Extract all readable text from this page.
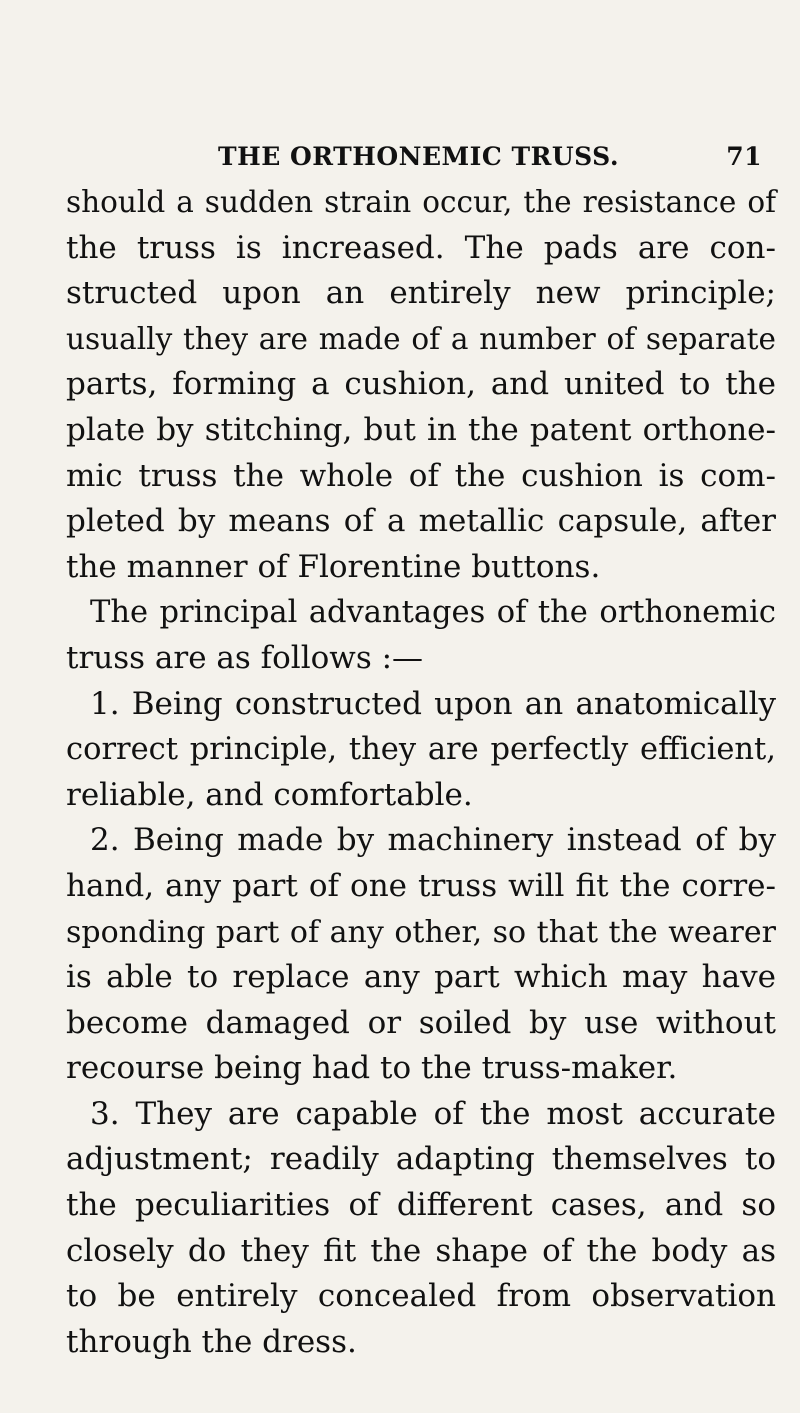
THE ORTHONEMIC TRUSS.	71
should a sudden strain occur, the resistance of
the truss is increased. The pads are con-
structed upon an entirely new principle;
usually they are made of a number of separate
parts, forming a cushion, and united to the
plate by stitching, but in the patent orthone-
mic truss the whole of the cushion is com-
pleted by means of a metallic capsule, after
the manner of Florentine buttons.
The principal advantages of the orthonemic
truss are as follows :—
1. Being constructed upon an anatomically
correct principle, they are perfectly efficient,
reliable, and comfortable.
2. Being made by machinery instead of by
hand, any part of one truss will fit the corre-
sponding part of any other, so that the wearer
is able to replace any part which may have
become damaged or soiled by use without
recourse being had to the truss-maker.
3. They are capable of the most accurate
adjustment; readily adapting themselves to
the peculiarities of different cases, and so
closely do they fit the shape of the body as
to be entirely concealed from observation
through the dress.
